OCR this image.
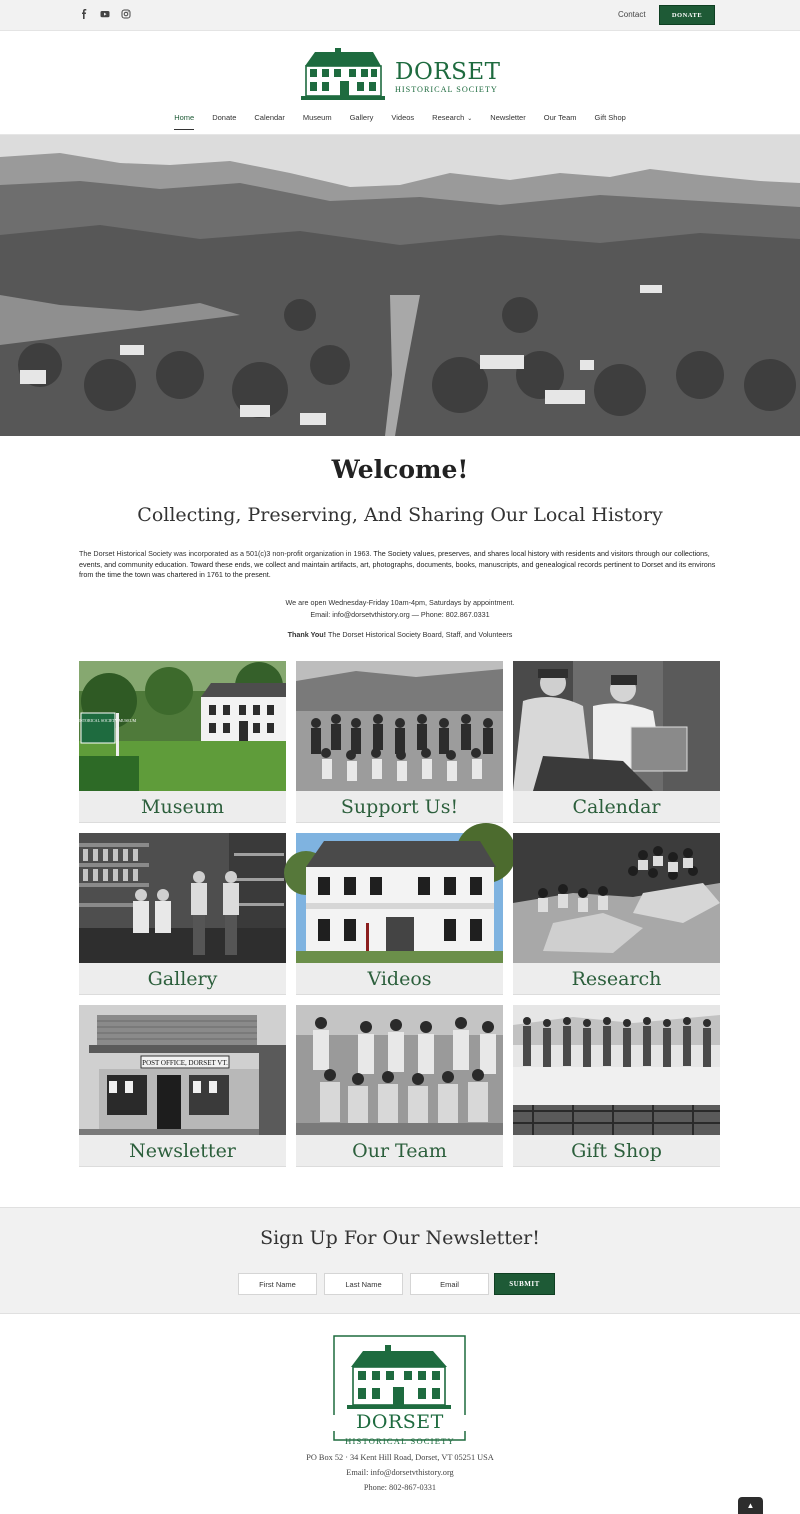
Contact	DONATE
DORSET
HISTORICAL SOCIETY
Home	Donate	Calendar	Museum	Gallery	Videos	Research ⌄	Newsletter	Our Team	Gift Shop
Welcome!
Collecting, Preserving, And Sharing Our Local History

The Dorset Historical Society was incorporated as a 501(c)3 non-profit organization in 1963. The Society values, preserves, and shares local history with residents and visitors through our collections, events, and community education. Toward these ends, we collect and maintain artifacts, art, photographs, documents, books, manuscripts, and genealogical records pertinent to Dorset and its environs from the time the town was chartered in 1761 to the present.

We are open Wednesday-Friday 10am-4pm, Saturdays by appointment.
Email: info@dorsetvthistory.org — Phone: 802.867.0331
Thank You! The Dorset Historical Society Board, Staff, and Volunteers
DORSET HISTORICAL SOCIETY MUSEUM
Museum	Support Us!	Calendar
Gallery	Videos	Research
POST OFFICE, DORSET VT.
Newsletter	Our Team	Gift Shop
Sign Up For Our Newsletter!
First Name
Last Name
Email
SUBMIT
DORSET
HISTORICAL SOCIETY
PO Box 52 · 34 Kent Hill Road, Dorset, VT 05251 USA
Email: info@dorsetvthistory.org
Phone: 802-867-0331
▲
